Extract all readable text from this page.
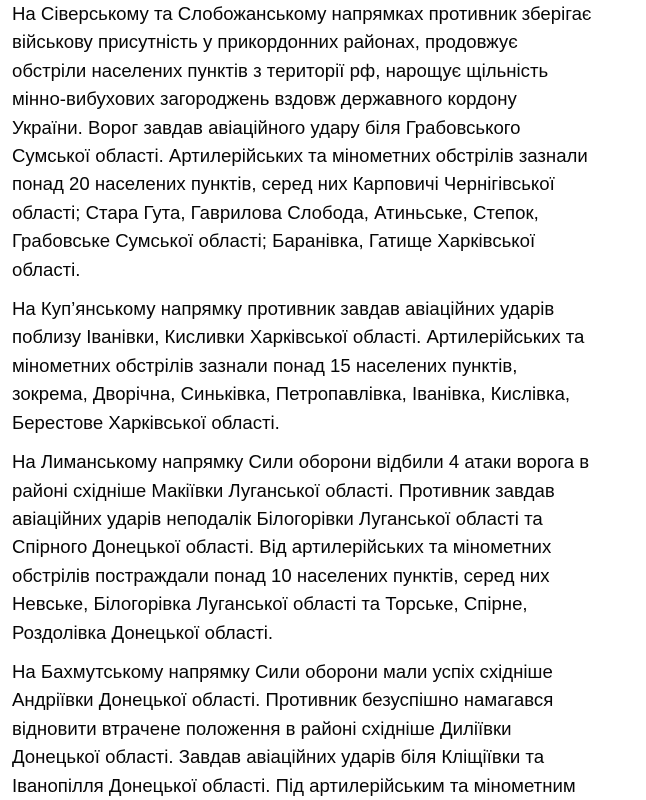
На Сіверському та Слобожанському напрямках противник зберігає
військову присутність у прикордонних районах, продовжує
обстріли населених пунктів з території рф, нарощує щільність
мінно-вибухових загороджень вздовж державного кордону
України. Ворог завдав авіаційного удару біля Грабовського
Сумської області. Артилерійських та мінометних обстрілів зазнали
понад 20 населених пунктів, серед них Карповичі Чернігівської
області; Стара Гута, Гаврилова Слобода, Атиньське, Степок,
Грабовське Сумської області; Баранівка, Гатище Харківської
області.

На Куп’янському напрямку противник завдав авіаційних ударів
поблизу Іванівки, Кисливки Харківської області. Артилерійських та
мінометних обстрілів зазнали понад 15 населених пунктів,
зокрема, Дворічна, Синьківка, Петропавлівка, Іванівка, Кислівка,
Берестове Харківської області.

На Лиманському напрямку Сили оборони відбили 4 атаки ворога в
районі східніше Макіївки Луганської області. Противник завдав
авіаційних ударів неподалік Білогорівки Луганської області та
Спірного Донецької області. Від артилерійських та мінометних
обстрілів постраждали понад 10 населених пунктів, серед них
Невське, Білогорівка Луганської області та Торське, Спірне,
Роздолівка Донецької області.

На Бахмутському напрямку Сили оборони мали успіх східніше
Андріївки Донецької області. Противник безуспішно намагався
відновити втрачене положення в районі східніше Диліївки
Донецької області. Завдав авіаційних ударів біля Кліщіївки та
Іванопілля Донецької області. Під артилерійським та мінометним
